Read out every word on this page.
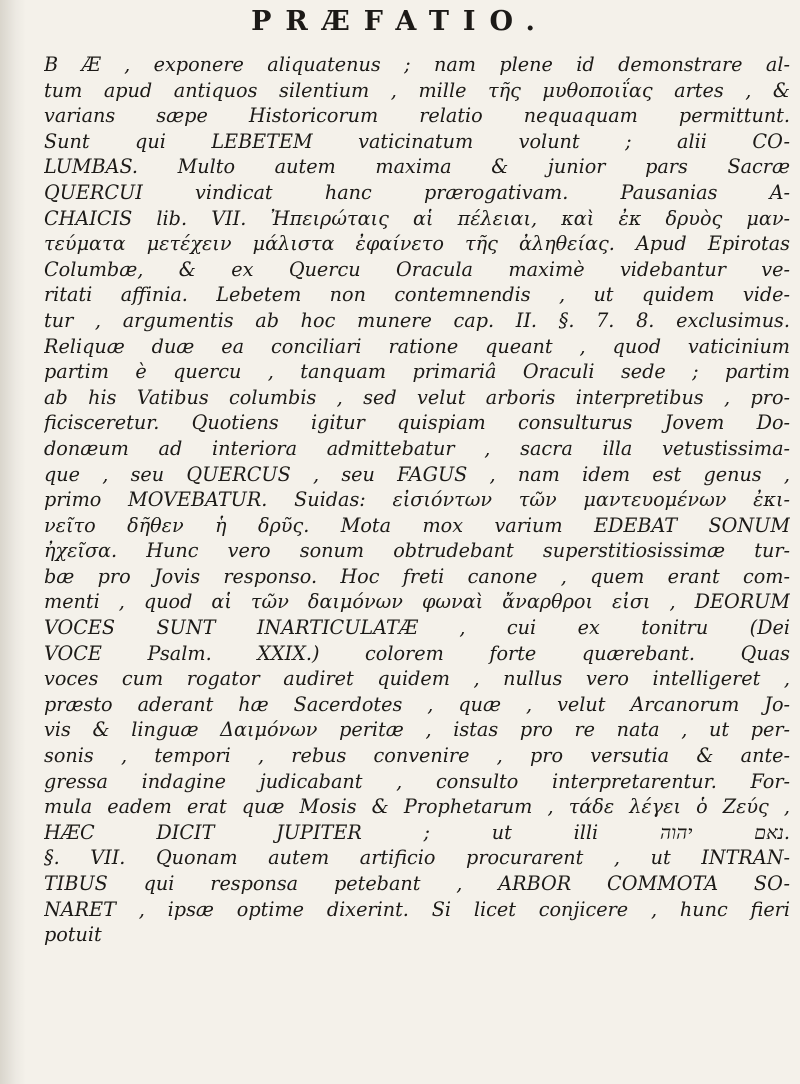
PRÆFATIO.
B Æ , exponere aliquatenus ; nam plene id demonstrare al-
tum apud antiquos silentium , mille τῆς μυθοποιΐας artes , &
varians sæpe Historicorum relatio nequaquam permittunt.
Sunt qui LEBETEM vaticinatum volunt ; alii CO-
LUMBAS. Multo autem maxima & junior pars Sacræ
QUERCUI vindicat hanc prærogativam. Pausanias A-
CHAICIS lib. VII. Ἠπειρώταις αἱ πέλειαι, καὶ ἐκ δρυὸς μαν-
τεύματα μετέχειν μάλιστα ἐφαίνετο τῆς ἀληθείας. Apud Epirotas
Columbæ, & ex Quercu Oracula maximè videbantur ve-
ritati affinia. Lebetem non contemnendis , ut quidem vide-
tur , argumentis ab hoc munere cap. II. §. 7. 8. exclusimus.
Reliquæ duæ ea conciliari ratione queant , quod vaticinium
partim è quercu , tanquam primariâ Oraculi sede ; partim
ab his Vatibus columbis , sed velut arboris interpretibus , pro-
ficisceretur. Quotiens igitur quispiam consulturus Jovem Do-
donæum ad interiora admittebatur , sacra illa vetustissima-
que , seu QUERCUS , seu FAGUS , nam idem est genus ,
primo MOVEBATUR. Suidas: εἰσιόντων τῶν μαντευομένων ἐκι-
νεῖτο δῆθεν ἡ δρῦς. Mota mox varium EDEBAT SONUM
ἠχεῖσα. Hunc vero sonum obtrudebant superstitiosissimæ tur-
bæ pro Jovis responso. Hoc freti canone , quem erant com-
menti , quod αἱ τῶν δαιμόνων φωναὶ ἄναρθροι εἰσι , DEORUM
VOCES SUNT INARTICULATÆ , cui ex tonitru (Dei
VOCE Psalm. XXIX.) colorem forte quærebant. Quas
voces cum rogator audiret quidem , nullus vero intelligeret ,
præsto aderant hæ Sacerdotes , quæ , velut Arcanorum Jo-
vis & linguæ Δαιμόνων peritæ , istas pro re nata , ut per-
sonis , tempori , rebus convenire , pro versutia & ante-
gressa indagine judicabant , consulto interpretarentur. For-
mula eadem erat quæ Mosis & Prophetarum , τάδε λέγει ὁ Ζεύς ,
HÆC DICIT JUPITER ; ut illi נאם יהוה.
§. VII. Quonam autem artificio procurarent , ut INTRAN-
TIBUS qui responsa petebant , ARBOR COMMOTA SO-
NARET , ipsæ optime dixerint. Si licet conjicere , hunc fieri
potuit
